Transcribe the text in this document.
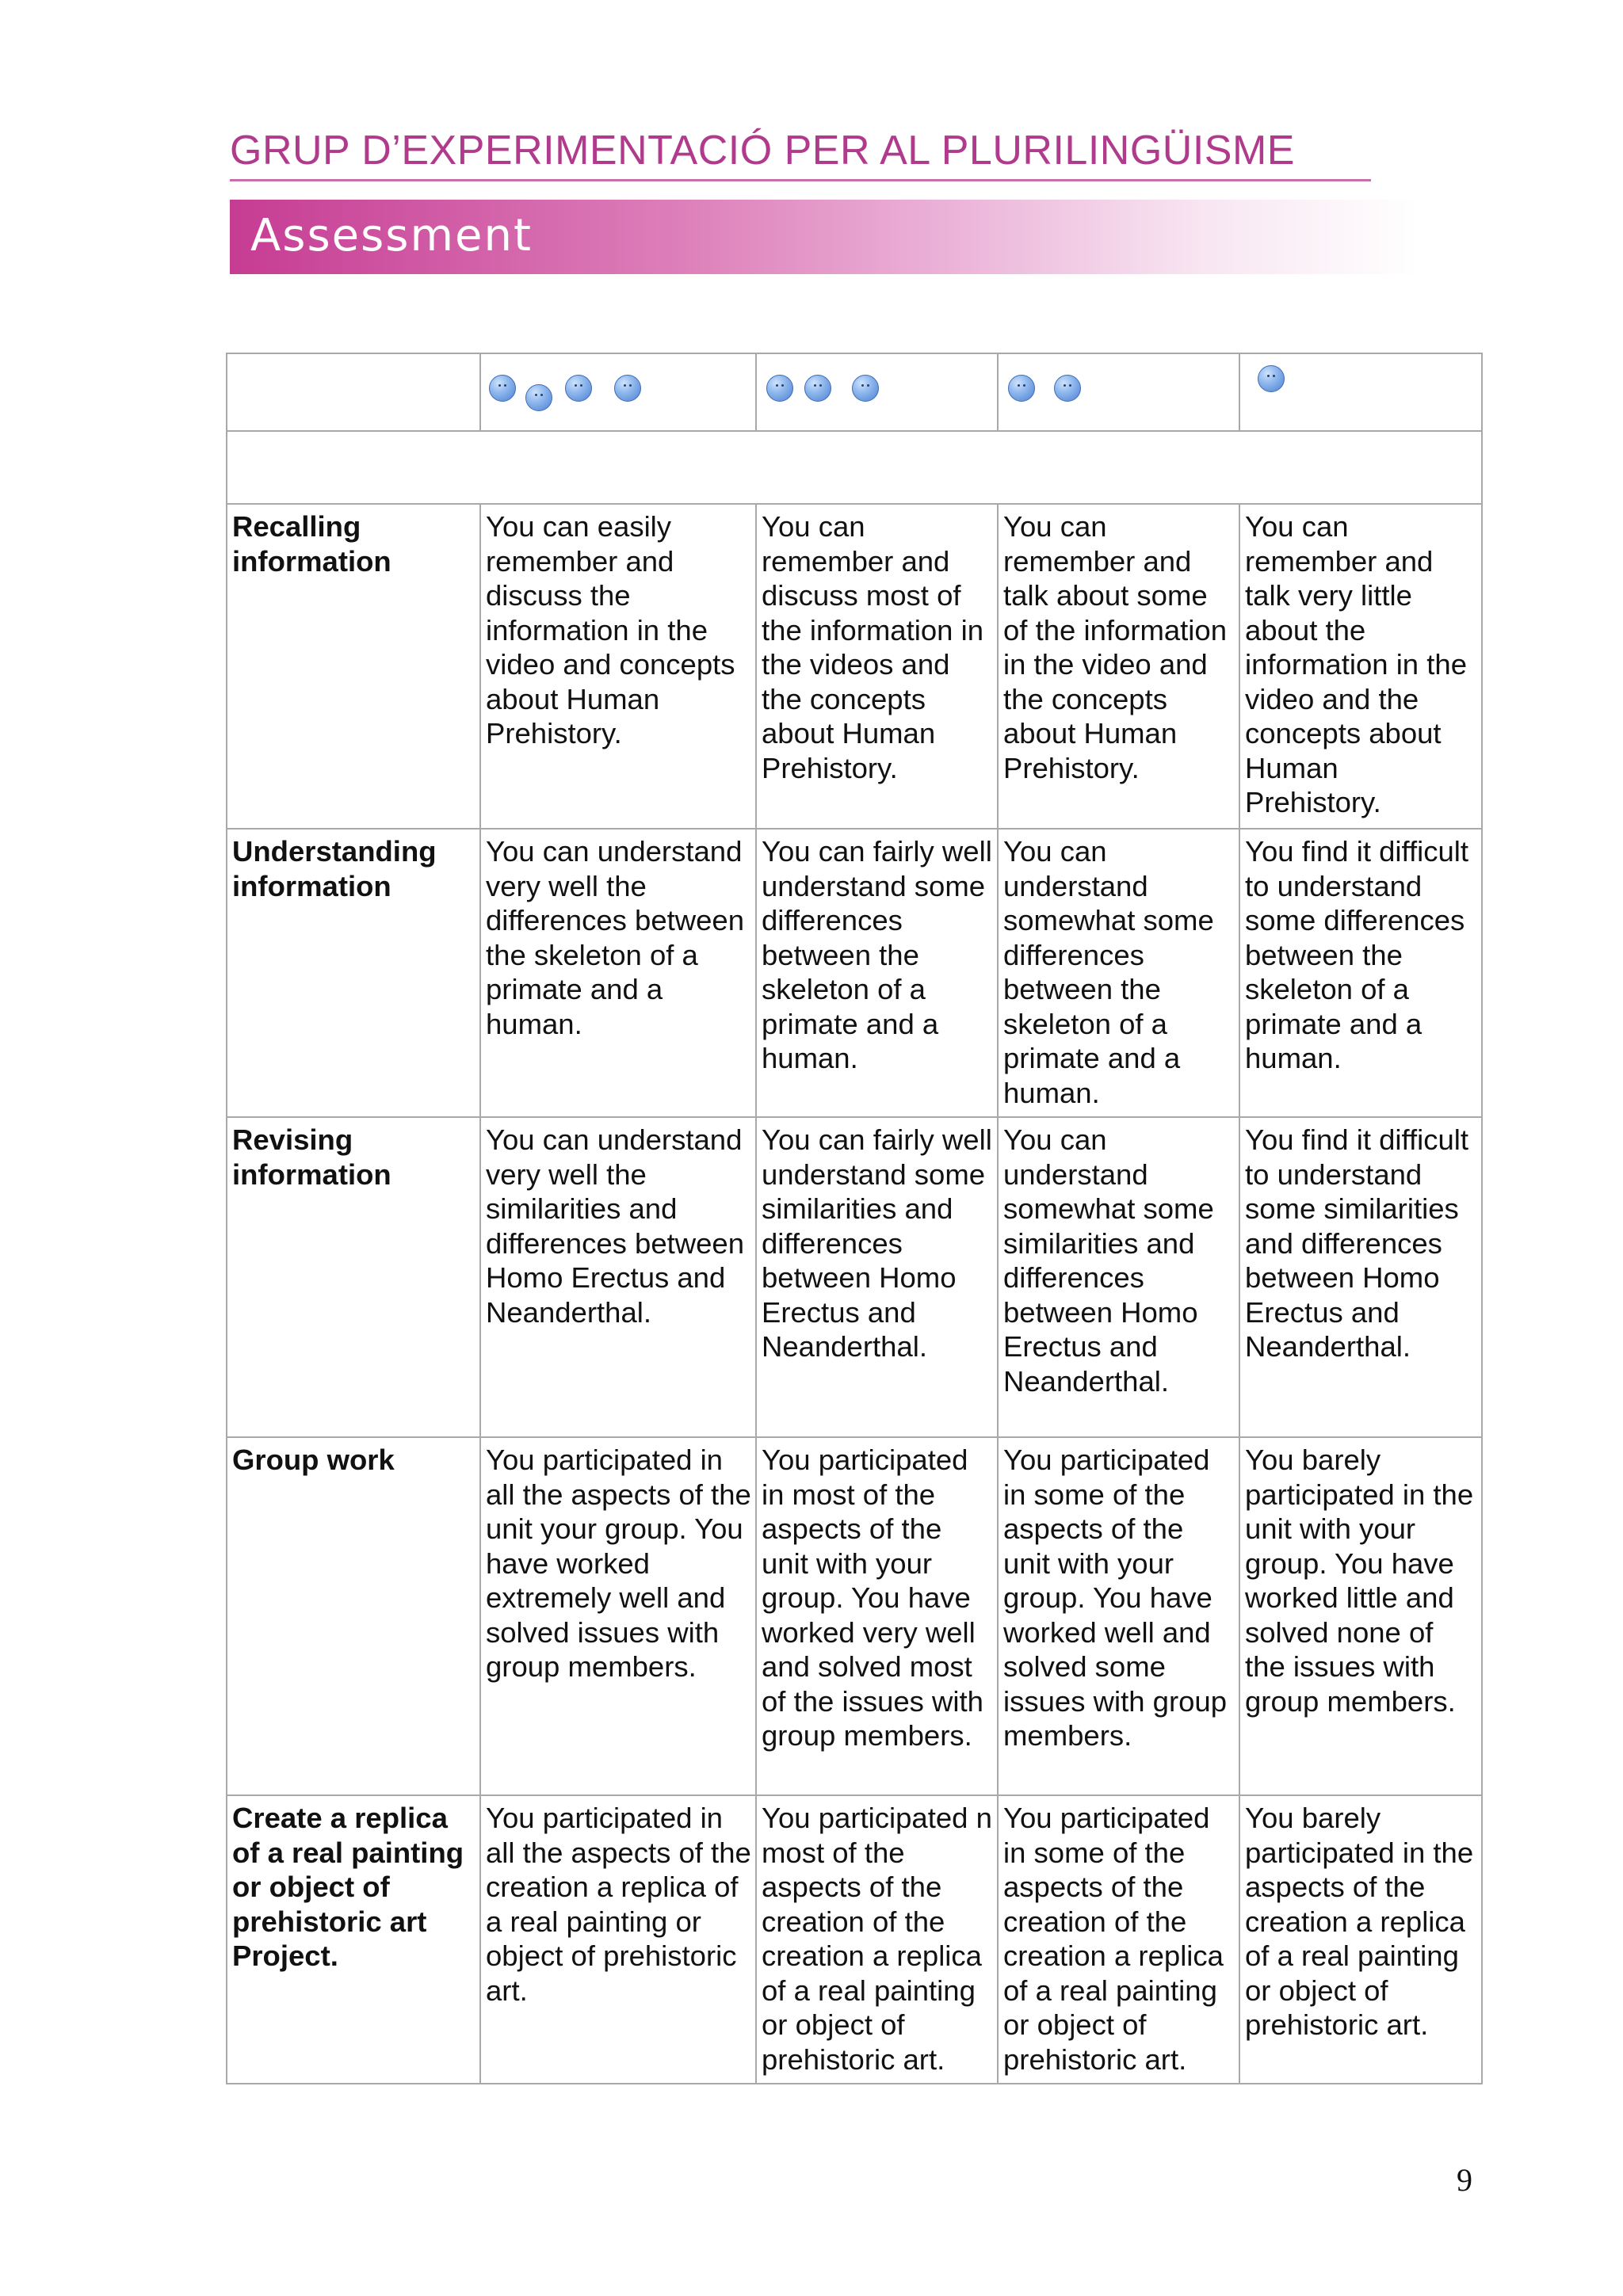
GRUP D’EXPERIMENTACIÓ PER AL PLURILINGÜISME
Assessment

Recalling information	You can easily remember and discuss the information in the video and concepts about Human Prehistory.	You can remember and discuss most of the information in the videos and the concepts about Human Prehistory.	You can remember and talk about some of the information in the video and the concepts about Human Prehistory.	You can remember and talk very little about the information in the video and the concepts about Human Prehistory.
Understanding information	You can understand very well the differences between the skeleton of a primate and a human.	You can fairly well understand some differences between the skeleton of a primate and a human.	You can understand somewhat some differences between the skeleton of a primate and a human.	You find it difficult to understand some differences between the skeleton of a primate and a human.
Revising information	You can understand very well the similarities and differences between Homo Erectus and Neanderthal.	You can fairly well understand some similarities and differences between Homo Erectus and Neanderthal.	You can understand somewhat some similarities and differences between Homo Erectus and Neanderthal.	You find it difficult to understand some similarities and differences between Homo Erectus and Neanderthal.
Group work	You participated in all the aspects of the unit your group. You have worked extremely well and solved issues with group members.	You participated in most of the aspects of the unit with your group. You have worked very well and solved most of the issues with group members.	You participated in some of the aspects of the unit with your group. You have worked well and solved some issues with group members.	You barely participated in the unit with your group. You have worked little and solved none of the issues with group members.
Create a replica of a real painting or object of prehistoric art Project.	You participated in all the aspects of the creation a replica of a real painting or object of prehistoric art.	You participated n most of the aspects of the creation of the creation a replica of a real painting or object of prehistoric art.	You participated in some of the aspects of the creation of the creation a replica of a real painting or object of prehistoric art.	You barely participated in the aspects of the creation a replica of a real painting or object of prehistoric art.
9
